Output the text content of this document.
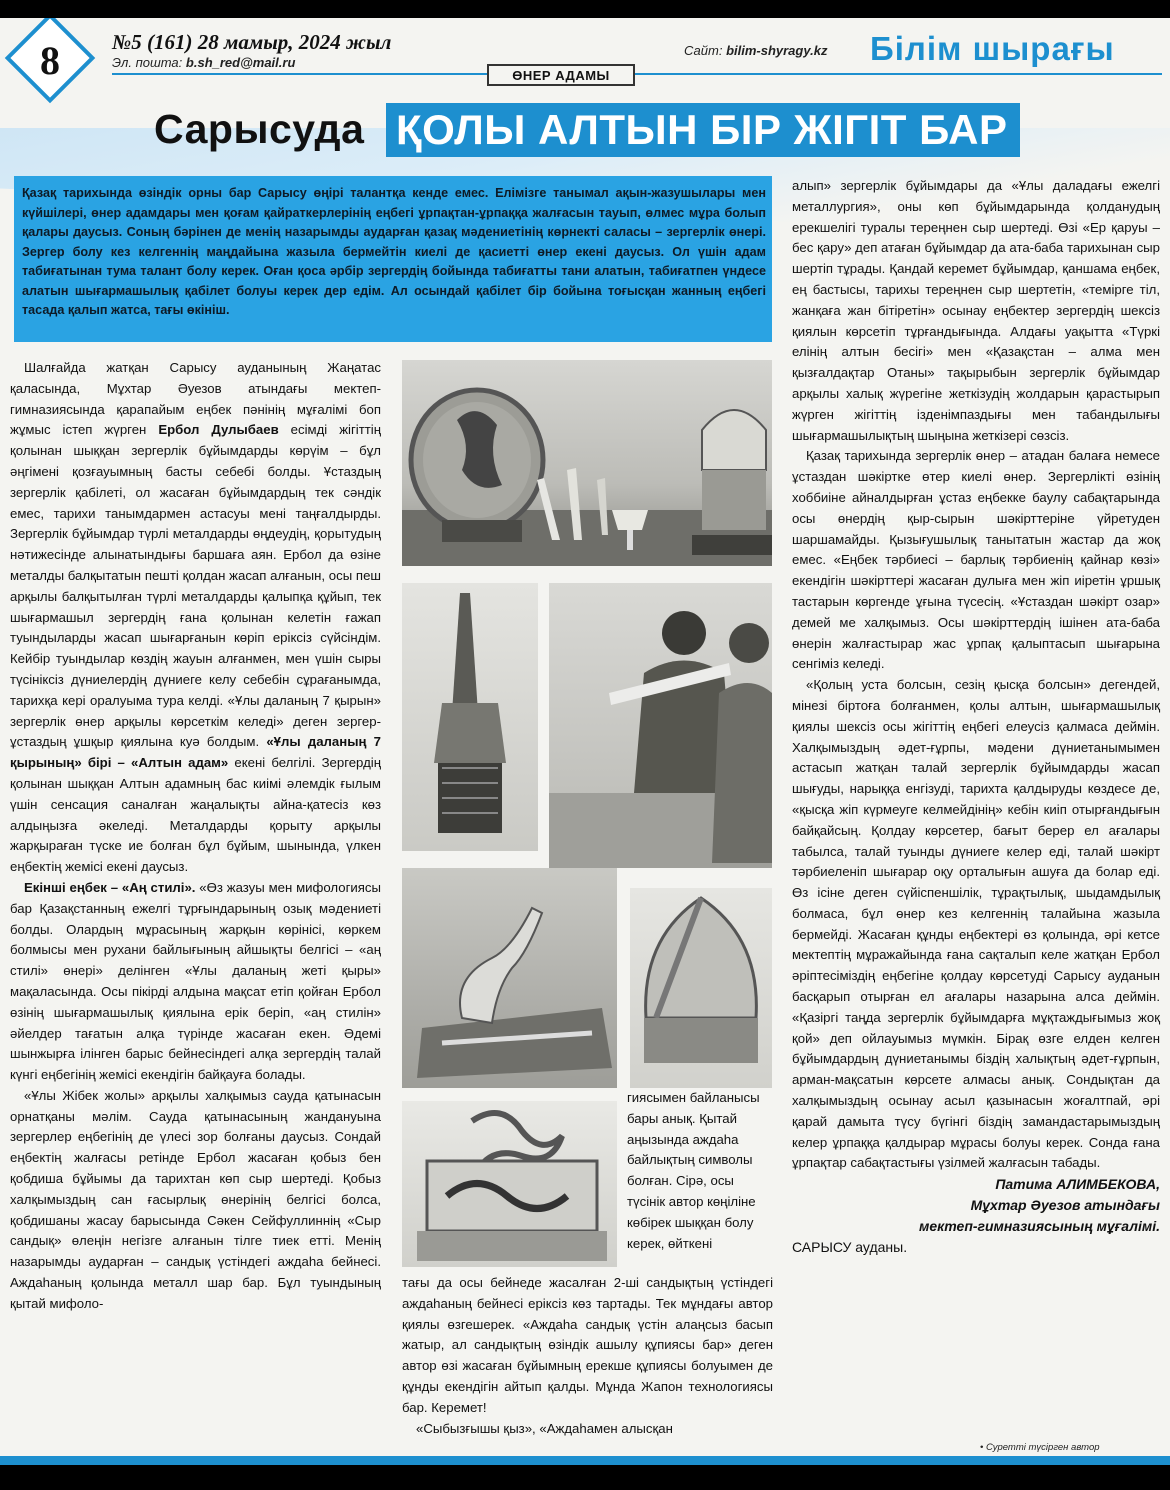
8	№5 (161) 28 мамыр, 2024 жыл
Эл. пошта: b.sh_red@mail.ru
Сайт: bilim-shyragy.kz Білім шырағы
ӨНЕР АДАМЫ
Сарысуда ҚОЛЫ АЛТЫН БІР ЖІГІТ БАР
Қазақ тарихында өзіндік орны бар Сарысу өңірі талантқа кенде емес. Елімізге танымал ақын-жазушылары мен күйшілері, өнер адамдары мен қоғам қайраткерлерінің еңбегі ұрпақтан-ұрпаққа жалғасын тауып, өлмес мұра болып қалары даусыз. Соның бәрінен де менің назарымды аударған қазақ мәдениетінің көрнекті саласы – зергерлік өнері. Зергер болу кез келгеннің маңдайына жазыла бермейтін киелі де қасиетті өнер екені даусыз. Ол үшін адам табиғатынан тума талант болу керек. Оған қоса әрбір зергердің бойында табиғатты тани алатын, табиғатпен үндесе алатын шығармашылық қабілет болуы керек дер едім. Ал осындай қабілет бір бойына тоғысқан жанның еңбегі тасада қалып жатса, тағы өкініш.

Шалғайда жатқан Сарысу ауданының Жаңатас қаласында, Мұхтар Әуезов атындағы мектеп-гимназиясында қарапайым еңбек пәнінің мұғалімі боп жұмыс істеп жүрген Ербол Дулыбаев есімді жігіттің қолынан шыққан зергерлік бұйымдарды көрүім – бұл әңгімені қозғауымның басты себебі болды. Ұстаздың зергерлік қабілеті, ол жасаған бұйымдардың тек сәндік емес, тарихи танымдармен астасуы мені таңғалдырды. Зергерлік бұйымдар түрлі металдарды өңдеудің, қорытудың нәтижесінде алынатындығы баршаға аян. Ербол да өзіне металды балқытатын пешті қолдан жасап алғанын, осы пеш арқылы балқытылған түрлі металдарды қалыпқа құйып, тек шығармашыл зергердің ғана қолынан келетін ғажап туындыларды жасап шығарғанын көріп еріксіз сүйсіндім. Кейбір туындылар көздің жауын алғанмен, мен үшін сыры түсініксіз дүниелердің дүниеге келу себебін сұрағанымда, тарихқа кері оралуыма тура келді. «Ұлы даланың 7 қырын» зергерлік өнер арқылы көрсеткім келеді» деген зергер-ұстаздың ұшқыр қиялына куә болдым. «Ұлы даланың 7 қырының» бірі – «Алтын адам» екені белгілі. Зергердің қолынан шыққан Алтын адамның бас киімі әлемдік ғылым үшін сенсация саналған жаңалықты айна-қатесіз көз алдыңызға әкеледі. Металдарды қорыту арқылы жарқыраған түске ие болған бұл бұйым, шынында, үлкен еңбектің жемісі екені даусыз.

Екінші еңбек – «Аң стилі». «Өз жазуы мен мифологиясы бар Қазақстанның ежелгі тұрғындарының озық мәдениеті болды. Олардың мұрасының жарқын көрінісі, көркем болмысы мен рухани байлығының айшықты белгісі – «аң стилі» өнері» делінген «Ұлы даланың жеті қыры» мақаласында. Осы пікірді алдына мақсат етіп қойған Ербол өзінің шығармашылық қиялына ерік беріп, «аң стилін» әйелдер тағатын алқа түрінде жасаған екен. Әдемі шынжырға ілінген барыс бейнесіндегі алқа зергердің талай күнгі еңбегінің жемісі екендігін байқауға болады.

«Ұлы Жібек жолы» арқылы халқымыз сауда қатынасын орнатқаны мәлім. Сауда қатынасының жандануына зергерлер еңбегінің де үлесі зор болғаны даусыз. Сондай еңбектің жалғасы ретінде Ербол жасаған қобыз бен қобдиша бұйымы да тарихтан көп сыр шертеді. Қобыз халқымыздың сан ғасырлық өнерінің белгісі болса, қобдишаны жасау барысында Сәкен Сейфуллиннің «Сыр сандық» өлеңін негізге алғанын тілге тиек етті. Менің назарымды аударған – сандық үстіндегі аждаһа бейнесі. Аждаһаның қолында металл шар бар. Бұл туындының қытай мифоло-

гиясымен байланысы бары анық. Қытай аңызында аждаһа байлықтың символы болған. Сірә, осы түсінік автор көңіліне көбірек шыққан болу керек, өйткені

тағы да осы бейнеде жасалған 2-ші сандықтың үстіндегі аждаһаның бейнесі еріксіз көз тартады. Тек мұндағы автор қиялы өзгешерек. «Аждаһа сандық үстін алаңсыз басып жатыр, ал сандықтың өзіндік ашылу құпиясы бар» деген автор өзі жасаған бұйымның ерекше құпиясы болуымен де құнды екендігін айтып қалды. Мұнда Жапон технологиясы бар. Керемет!

«Сыбызғышы қыз», «Аждаһамен алысқан

алып» зергерлік бұйымдары да «Ұлы даладағы ежелгі металлургия», оны көп бұйымдарында қолданудың ерекшелігі туралы тереңнен сыр шертеді. Өзі «Ер қаруы – бес қару» деп атаған бұйымдар да ата-баба тарихынан сыр шертіп тұрады. Қандай керемет бұйымдар, қаншама еңбек, ең бастысы, тарихы тереңнен сыр шертетін, «темірге тіл, жанқаға жан бітіретін» осынау еңбектер зергердің шексіз қиялын көрсетіп тұрғандығында. Алдағы уақытта «Түркі елінің алтын бесігі» мен «Қазақстан – алма мен қызғалдақтар Отаны» тақырыбын зергерлік бұйымдар арқылы халық жүрегіне жеткізудің жолдарын қарастырып жүрген жігіттің ізденімпаздығы мен табандылығы шығармашылықтың шыңына жеткізері сөзсіз.

Қазақ тарихында зергерлік өнер – атадан балаға немесе ұстаздан шәкіртке өтер киелі өнер. Зергерлікті өзінің хоббиіне айналдырған ұстаз еңбекке баулу сабақтарында осы өнердің қыр-сырын шәкірттеріне үйретуден шаршамайды. Қызығушылық танытатын жастар да жоқ емес. «Еңбек тәрбиесі – барлық тәрбиенің қайнар көзі» екендігін шәкірттері жасаған дулыға мен жіп иіретін ұршық тастарын көргенде ұғына түсесің. «Ұстаздан шәкірт озар» демей ме халқымыз. Осы шәкірттердің ішінен ата-баба өнерін жалғастырар жас ұрпақ қалыптасып шығарына сенгіміз келеді.

«Қолың уста болсын, сезің қысқа болсын» дегендей, мінезі біртоға болғанмен, қолы алтын, шығармашылық қиялы шексіз осы жігіттің еңбегі елеусіз қалмаса деймін. Халқымыздың әдет-ғұрпы, мәдени дүниетанымымен астасып жатқан талай зергерлік бұйымдарды жасап шығуды, нарыққа енгізуді, тарихта қалдыруды көздесе де, «қысқа жіп күрмеуге келмейдінің» кебін киіп отырғандығын байқайсың. Қолдау көрсетер, бағыт берер ел ағалары табылса, талай туынды дүниеге келер еді, талай шәкірт тәрбиеленіп шығарар оқу орталығын ашуға да болар еді. Өз ісіне деген сүйіспеншілік, тұрақтылық, шыдамдылық болмаса, бұл өнер кез келгеннің талайына жазыла бермейді. Жасаған құнды еңбектері өз қолында, әрі кетсе мектептің мұражайында ғана сақталып келе жатқан Ербол әріптесімiздің еңбегіне қолдау көрсетуді Сарысу ауданын басқарып отырған ел ағалары назарына алса деймін. «Қазіргі таңда зергерлік бұйымдарға мұқтаждығымыз жоқ қой» деп ойлауымыз мүмкін. Бірақ өзге елден келген бұйымдардың дүниетанымы біздің халықтың әдет-ғұрпын, арман-мақсатын көрсете алмасы анық. Сондықтан да халқымыздың осынау асыл қазынасын жоғалтпай, әрі қарай дамыта түсу бүгінгі біздің замандастарымыздың келер ұрпаққа қалдырар мұрасы болуы керек. Сонда ғана ұрпақтар сабақтастығы үзілмей жалғасын табады.

Патима АЛИМБЕКОВА,
Мұхтар Әуезов атындағы
мектеп-гимназиясының мұғалімі.
САРЫСУ ауданы.
• Суретті түсірген автор
